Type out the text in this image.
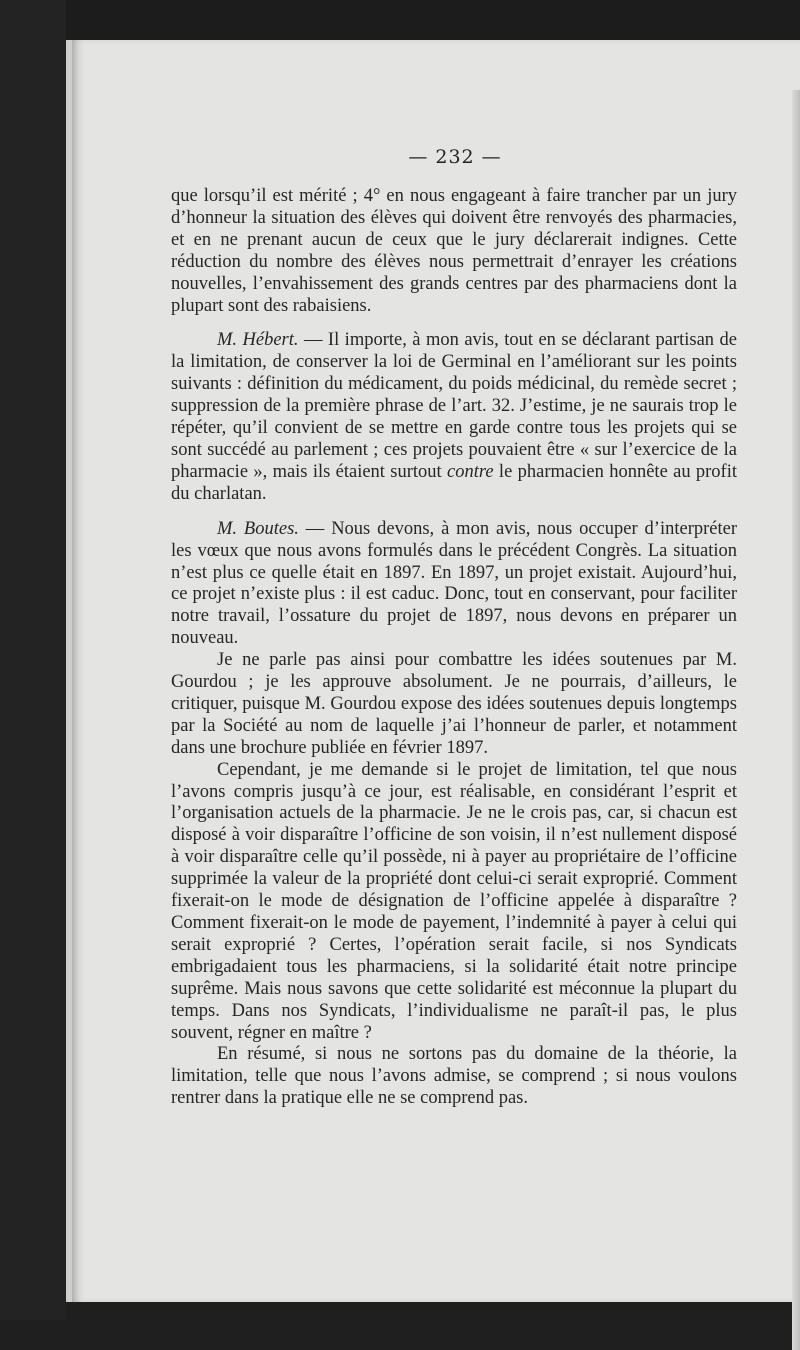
— 232 —

que lorsqu’il est mérité ; 4° en nous engageant à faire trancher par un jury d’honneur la situation des élèves qui doivent être renvoyés des pharmacies, et en ne prenant aucun de ceux que le jury déclarerait indignes. Cette réduction du nombre des élèves nous permettrait d’enrayer les créations nouvelles, l’envahissement des grands centres par des pharmaciens dont la plupart sont des rabaisiens.

M. Hébert. — Il importe, à mon avis, tout en se déclarant partisan de la limitation, de conserver la loi de Germinal en l’améliorant sur les points suivants : définition du médicament, du poids médicinal, du remède secret ; suppression de la première phrase de l’art. 32. J’estime, je ne saurais trop le répéter, qu’il convient de se mettre en garde contre tous les projets qui se sont succédé au parlement ; ces projets pouvaient être « sur l’exercice de la pharmacie », mais ils étaient surtout contre le pharmacien honnête au profit du charlatan.

M. Boutes. — Nous devons, à mon avis, nous occuper d’interpréter les vœux que nous avons formulés dans le précédent Congrès. La situation n’est plus ce quelle était en 1897. En 1897, un projet existait. Aujourd’hui, ce projet n’existe plus : il est caduc. Donc, tout en conservant, pour faciliter notre travail, l’ossature du projet de 1897, nous devons en préparer un nouveau.

Je ne parle pas ainsi pour combattre les idées soutenues par M. Gourdou ; je les approuve absolument. Je ne pourrais, d’ailleurs, le critiquer, puisque M. Gourdou expose des idées soutenues depuis longtemps par la Société au nom de laquelle j’ai l’honneur de parler, et notamment dans une brochure publiée en février 1897.

Cependant, je me demande si le projet de limitation, tel que nous l’avons compris jusqu’à ce jour, est réalisable, en considérant l’esprit et l’organisation actuels de la pharmacie. Je ne le crois pas, car, si chacun est disposé à voir disparaître l’officine de son voisin, il n’est nullement disposé à voir disparaître celle qu’il possède, ni à payer au propriétaire de l’officine supprimée la valeur de la propriété dont celui-ci serait exproprié. Comment fixerait-on le mode de désignation de l’officine appelée à disparaître ? Comment fixerait-on le mode de payement, l’indemnité à payer à celui qui serait exproprié ? Certes, l’opération serait facile, si nos Syndicats embrigadaient tous les pharmaciens, si la solidarité était notre principe suprême. Mais nous savons que cette solidarité est méconnue la plupart du temps. Dans nos Syndicats, l’individualisme ne paraît-il pas, le plus souvent, régner en maître ?

En résumé, si nous ne sortons pas du domaine de la théorie, la limitation, telle que nous l’avons admise, se comprend ; si nous voulons rentrer dans la pratique elle ne se comprend pas.
